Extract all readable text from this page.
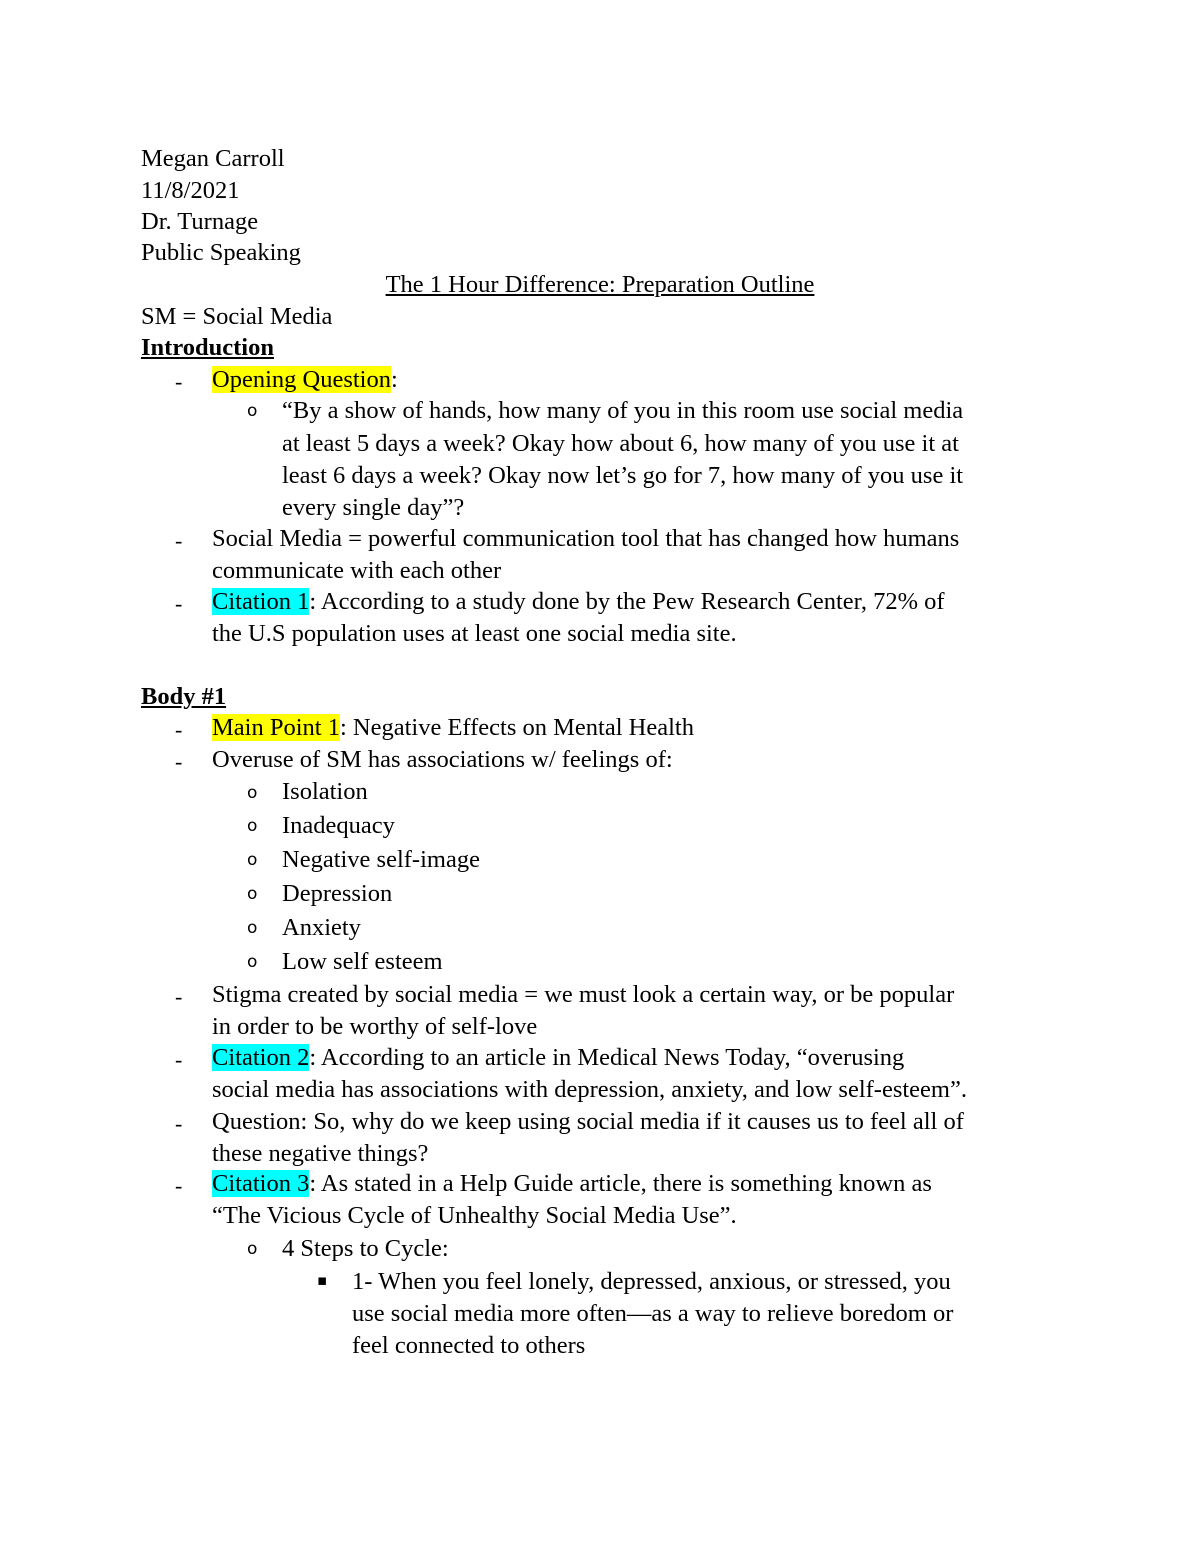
Megan Carroll
11/8/2021
Dr. Turnage
Public Speaking
The 1 Hour Difference: Preparation Outline
SM = Social Media
Introduction
- Opening Question:
o “By a show of hands, how many of you in this room use social media
at least 5 days a week? Okay how about 6, how many of you use it at
least 6 days a week? Okay now let’s go for 7, how many of you use it
every single day”?
- Social Media = powerful communication tool that has changed how humans
communicate with each other
- Citation 1: According to a study done by the Pew Research Center, 72% of
the U.S population uses at least one social media site.
Body #1
- Main Point 1: Negative Effects on Mental Health
- Overuse of SM has associations w/ feelings of:
o Isolation
o Inadequacy
o Negative self-image
o Depression
o Anxiety
o Low self esteem
- Stigma created by social media = we must look a certain way, or be popular
in order to be worthy of self-love
- Citation 2: According to an article in Medical News Today, “overusing
social media has associations with depression, anxiety, and low self-esteem”.
- Question: So, why do we keep using social media if it causes us to feel all of
these negative things?
- Citation 3: As stated in a Help Guide article, there is something known as
“The Vicious Cycle of Unhealthy Social Media Use”.
o 4 Steps to Cycle:
▪ 1- When you feel lonely, depressed, anxious, or stressed, you
use social media more often—as a way to relieve boredom or
feel connected to others
